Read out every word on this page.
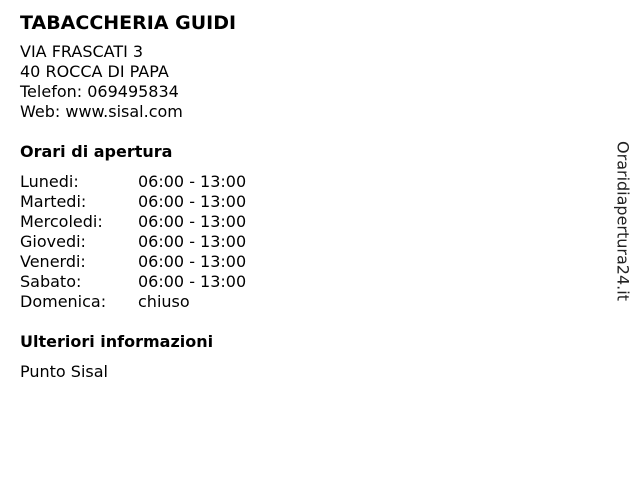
TABACCHERIA GUIDI
VIA FRASCATI 3
40 ROCCA DI PAPA
Telefon: 069495834
Web: www.sisal.com
Orari di apertura
Lunedi:	06:00 - 13:00
Martedi:	06:00 - 13:00
Mercoledi:	06:00 - 13:00
Giovedi:	06:00 - 13:00
Venerdi:	06:00 - 13:00
Sabato:	06:00 - 13:00
Domenica:	chiuso
Ulteriori informazioni
Punto Sisal
Oraridiapertura24.it
